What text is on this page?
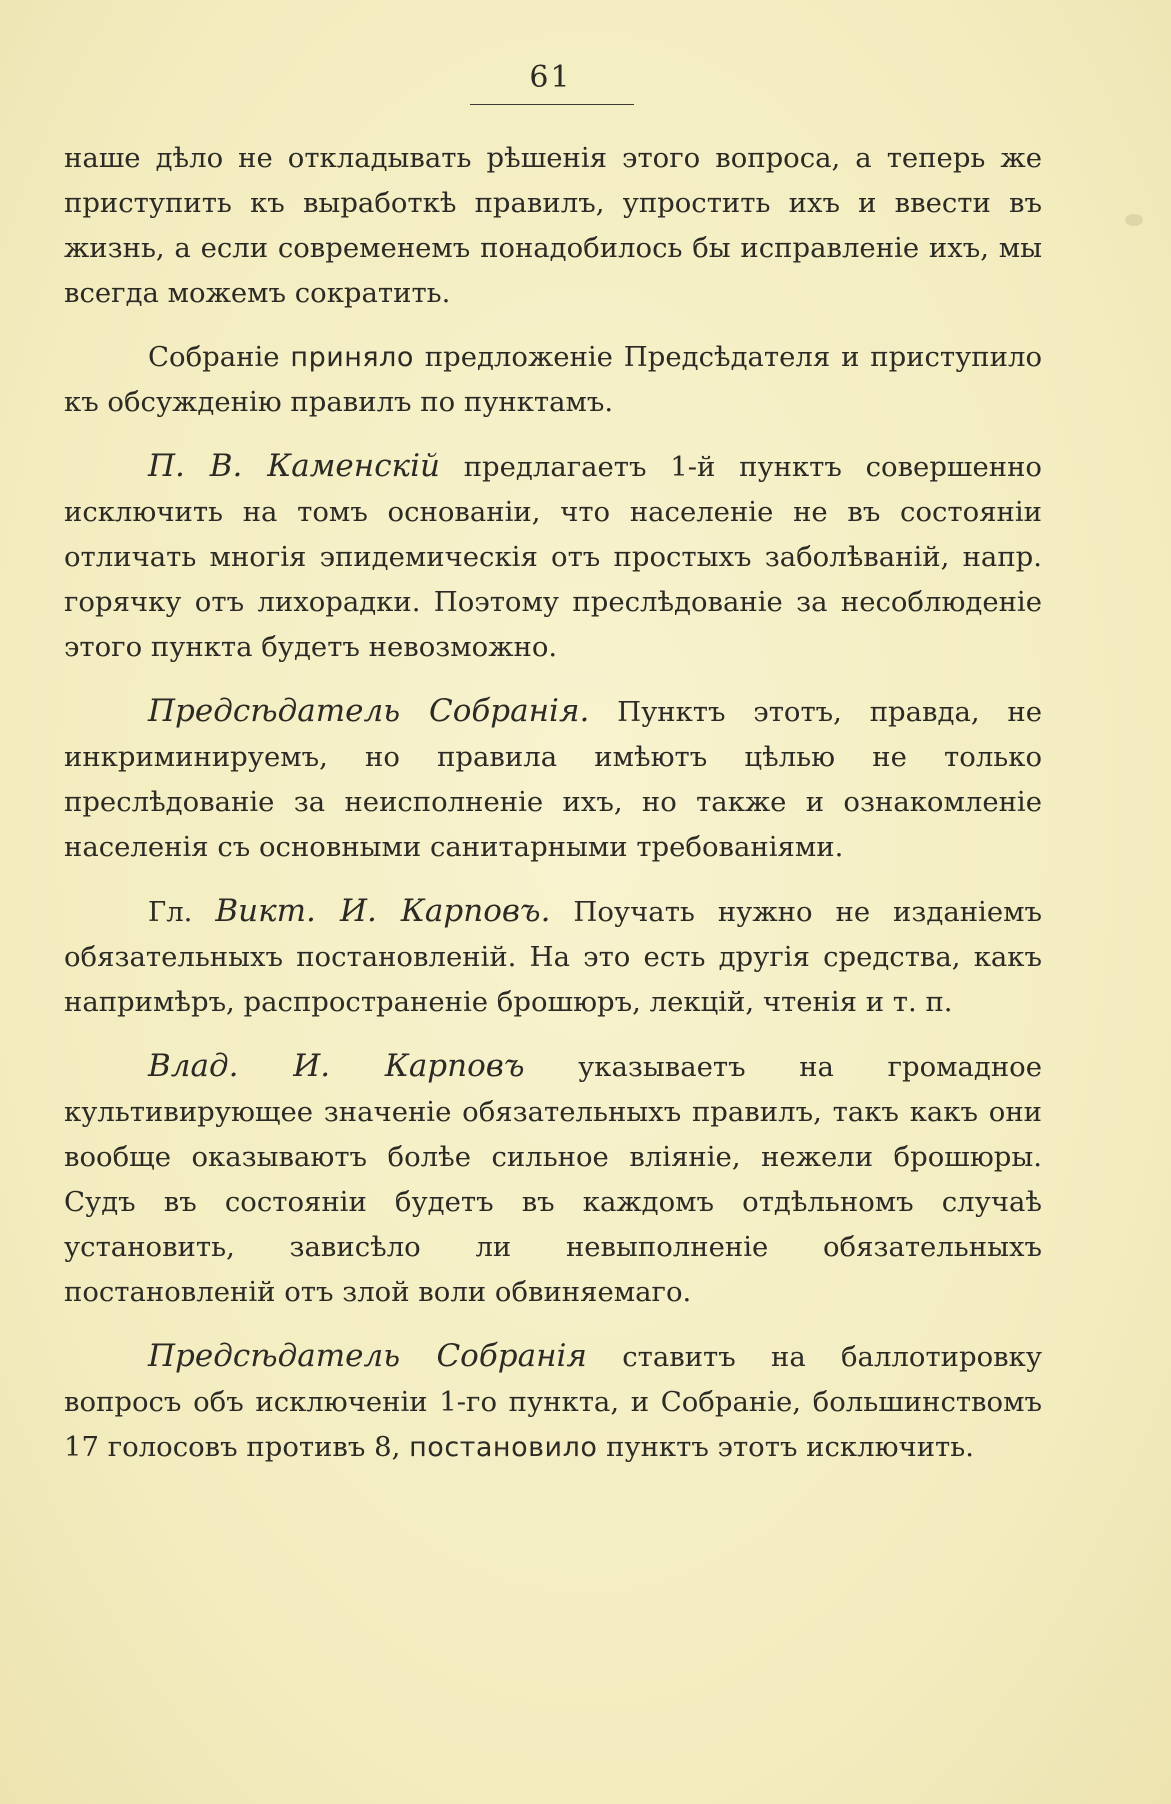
61

наше дѣло не откладывать рѣшенія этого вопроса, а теперь же приступить къ выработкѣ правилъ, упростить ихъ и ввести въ жизнь, а если современемъ понадобилось бы исправленіе ихъ, мы всегда можемъ сократить.

Собраніе приняло предложеніе Предсѣдателя и приступило къ обсужденію правилъ по пунктамъ.

П. В. Каменскій предлагаетъ 1-й пунктъ совершенно исключить на томъ основаніи, что населеніе не въ состояніи отличать многія эпидемическія отъ простыхъ заболѣваній, напр. горячку отъ лихорадки. Поэтому преслѣдованіе за несоблюденіе этого пункта будетъ невозможно.

Предсѣдатель Собранія. Пунктъ этотъ, правда, не инкриминируемъ, но правила имѣютъ цѣлью не только преслѣдованіе за неисполненіе ихъ, но также и ознакомленіе населенія съ основными санитарными требованіями.

Гл. Викт. И. Карповъ. Поучать нужно не изданіемъ обязательныхъ постановленій. На это есть другія средства, какъ напримѣръ, распространеніе брошюръ, лекцій, чтенія и т. п.

Влад. И. Карповъ указываетъ на громадное культивирующее значеніе обязательныхъ правилъ, такъ какъ они вообще оказываютъ болѣе сильное вліяніе, нежели брошюры. Судъ въ состояніи будетъ въ каждомъ отдѣльномъ случаѣ установить, зависѣло ли невыполненіе обязательныхъ постановленій отъ злой воли обвиняемаго.

Предсѣдатель Собранія ставитъ на баллотировку вопросъ объ исключеніи 1-го пункта, и Собраніе, большинствомъ 17 голосовъ противъ 8, постановило пунктъ этотъ исключить.
